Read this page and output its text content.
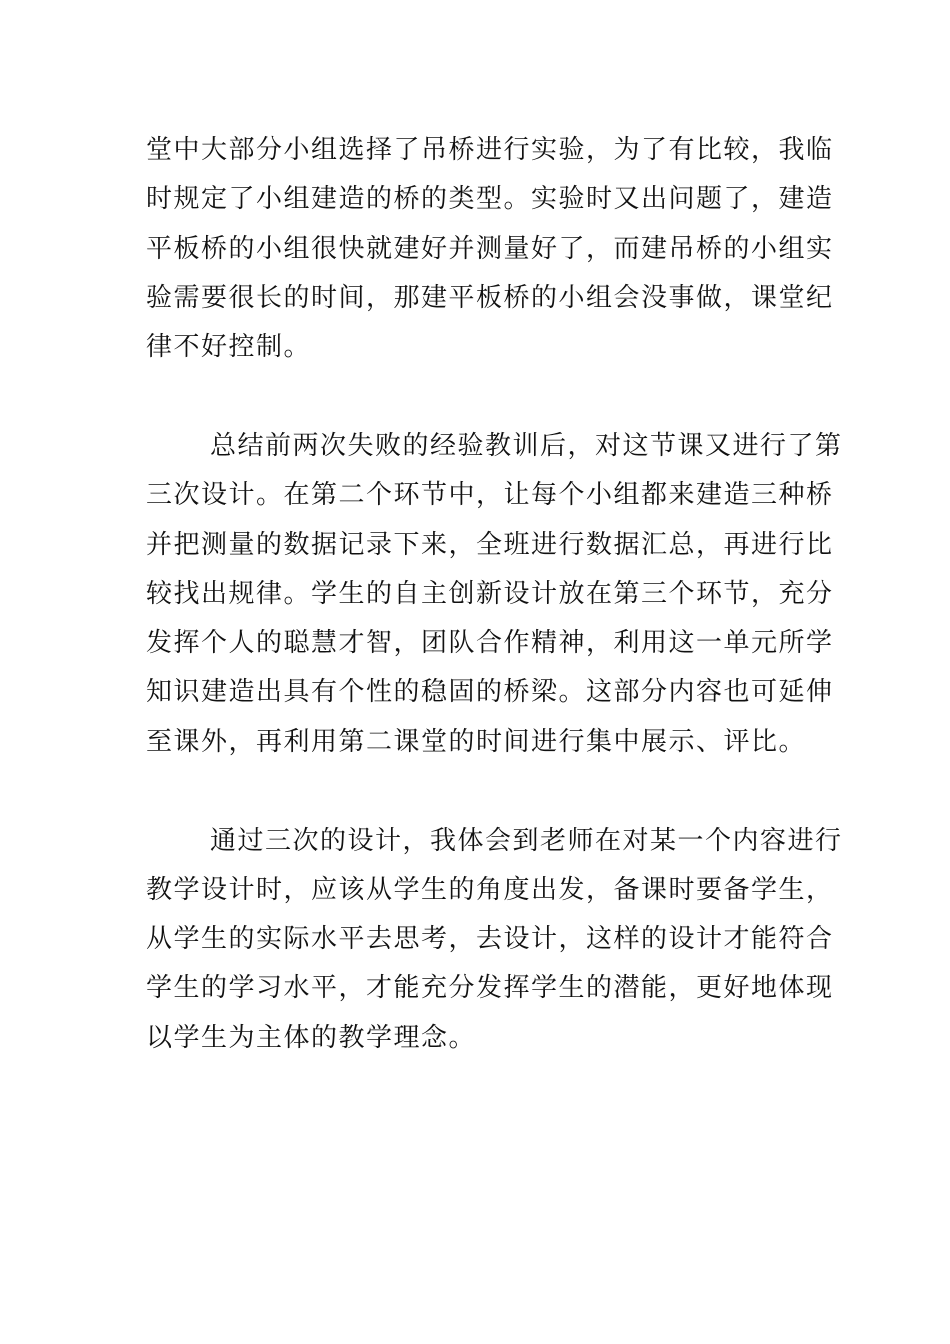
堂中大部分小组选择了吊桥进行实验，为了有比较，我临
时规定了小组建造的桥的类型。实验时又出问题了，建造
平板桥的小组很快就建好并测量好了，而建吊桥的小组实
验需要很长的时间，那建平板桥的小组会没事做，课堂纪
律不好控制。
总结前两次失败的经验教训后，对这节课又进行了第
三次设计。在第二个环节中，让每个小组都来建造三种桥
并把测量的数据记录下来，全班进行数据汇总，再进行比
较找出规律。学生的自主创新设计放在第三个环节，充分
发挥个人的聪慧才智，团队合作精神，利用这一单元所学
知识建造出具有个性的稳固的桥梁。这部分内容也可延伸
至课外，再利用第二课堂的时间进行集中展示、评比。
通过三次的设计，我体会到老师在对某一个内容进行
教学设计时，应该从学生的角度出发，备课时要备学生，
从学生的实际水平去思考，去设计，这样的设计才能符合
学生的学习水平，才能充分发挥学生的潜能，更好地体现
以学生为主体的教学理念。
